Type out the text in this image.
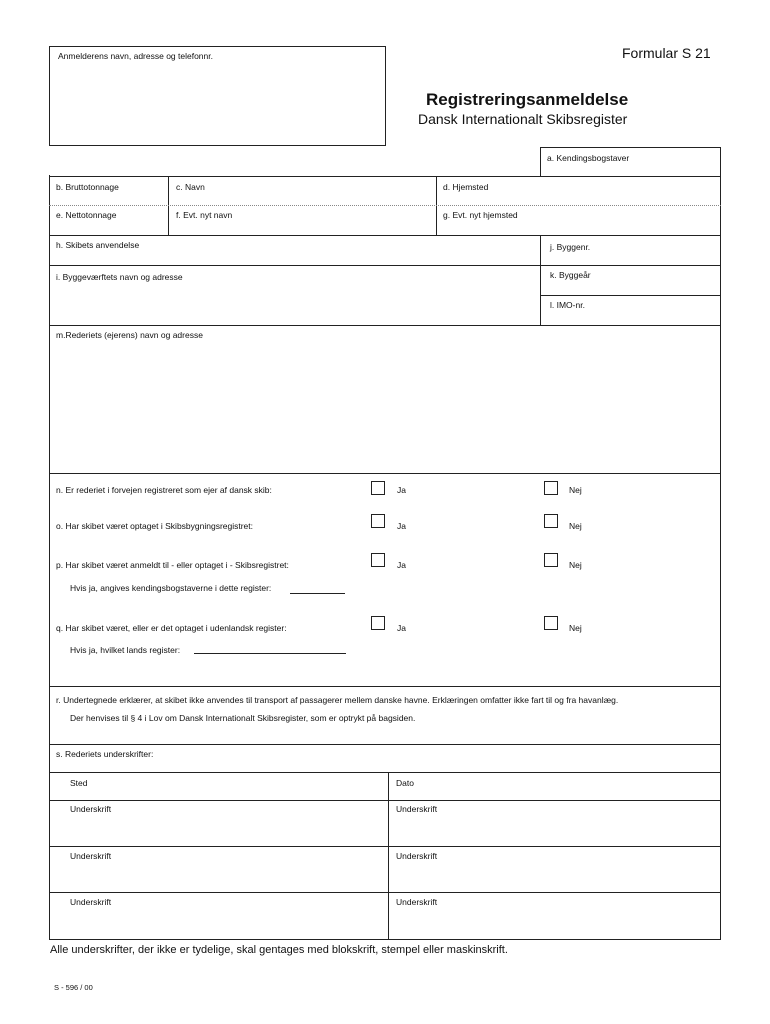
Anmelderens navn, adresse og telefonnr.	Formular S 21
Registreringsanmeldelse
Dansk Internationalt Skibsregister
a. Kendingsbogstaver
b. Bruttotonnage	c. Navn	d. Hjemsted
e. Nettotonnage	f. Evt. nyt navn	g. Evt. nyt hjemsted
h. Skibets anvendelse	j. Byggenr.
i. Byggeværftets navn og adresse	k. Byggeår
l. IMO-nr.
m.Rederiets (ejerens) navn og adresse
n. Er rederiet i forvejen registreret som ejer af dansk skib:	Ja	Nej
o. Har skibet været optaget i Skibsbygningsregistret:	Ja	Nej
p. Har skibet været anmeldt til - eller optaget i - Skibsregistret:	Ja	Nej
Hvis ja, angives kendingsbogstaverne i dette register:
q. Har skibet været, eller er det optaget i udenlandsk register:	Ja	Nej
Hvis ja, hvilket lands register:
r. Undertegnede erklærer, at skibet ikke anvendes til transport af passagerer mellem danske havne. Erklæringen omfatter ikke fart til og fra havanlæg.
Der henvises til § 4 i Lov om Dansk Internationalt Skibsregister, som er optrykt på bagsiden.
s. Rederiets underskrifter:
Sted	Dato
Underskrift	Underskrift
Underskrift	Underskrift
Underskrift	Underskrift
Alle underskrifter, der ikke er tydelige, skal gentages med blokskrift, stempel eller maskinskrift.
S - 596 / 00
